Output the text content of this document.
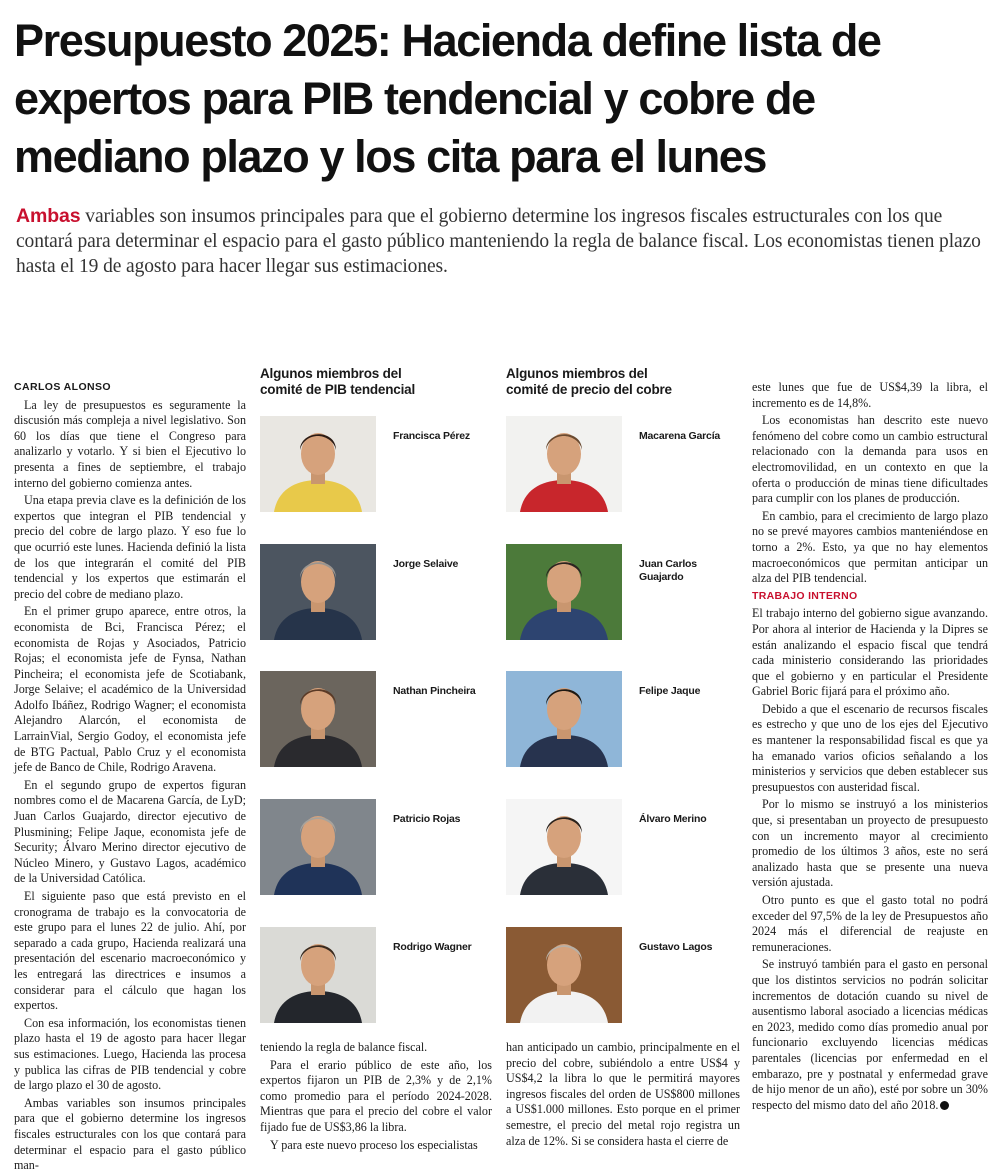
Presupuesto 2025: Hacienda define lista de expertos para PIB tendencial y cobre de mediano plazo y los cita para el lunes

Ambas variables son insumos principales para que el gobierno determine los ingresos fiscales estructurales con los que contará para determinar el espacio para el gasto público manteniendo la regla de balance fiscal. Los economistas tienen plazo hasta el 19 de agosto para hacer llegar sus estimaciones.

CARLOS ALONSO

La ley de presupuestos es seguramente la discusión más compleja a nivel legislativo. Son 60 los días que tiene el Congreso para analizarlo y votarlo. Y si bien el Ejecutivo lo presenta a fines de septiembre, el trabajo interno del gobierno comienza antes.

Una etapa previa clave es la definición de los expertos que integran el PIB tendencial y precio del cobre de largo plazo. Y eso fue lo que ocurrió este lunes. Hacienda definió la lista de los que integrarán el comité del PIB tendencial y los expertos que estimarán el precio del cobre de mediano plazo.

En el primer grupo aparece, entre otros, la economista de Bci, Francisca Pérez; el economista de Rojas y Asociados, Patricio Rojas; el economista jefe de Fynsa, Nathan Pincheira; el economista jefe de Scotiabank, Jorge Selaive; el académico de la Universidad Adolfo Ibáñez, Rodrigo Wagner; el economista Alejandro Alarcón, el economista de LarrainVial, Sergio Godoy, el economista jefe de BTG Pactual, Pablo Cruz y el economista jefe de Banco de Chile, Rodrigo Aravena.

En el segundo grupo de expertos figuran nombres como el de Macarena García, de LyD; Juan Carlos Guajardo, director ejecutivo de Plusmining; Felipe Jaque, economista jefe de Security; Álvaro Merino director ejecutivo de Núcleo Minero, y Gustavo Lagos, académico de la Universidad Católica.

El siguiente paso que está previsto en el cronograma de trabajo es la convocatoria de este grupo para el lunes 22 de julio. Ahí, por separado a cada grupo, Hacienda realizará una presentación del escenario macroeconómico y les entregará las directrices e insumos a considerar para el cálculo que hagan los expertos.

Con esa información, los economistas tienen plazo hasta el 19 de agosto para hacer llegar sus estimaciones. Luego, Hacienda las procesa y publica las cifras de PIB tendencial y cobre de largo plazo el 30 de agosto.

Ambas variables son insumos principales para que el gobierno determine los ingresos fiscales estructurales con los que contará para determinar el espacio para el gasto público man-

Algunos miembros del

comité de PIB tendencial

Francisca Pérez
Jorge Selaive
Nathan Pincheira
Patricio Rojas
Rodrigo Wagner

Algunos miembros del

comité de precio del cobre

Macarena García
Juan Carlos Guajardo
Felipe Jaque
Álvaro Merino
Gustavo Lagos

teniendo la regla de balance fiscal.

Para el erario público de este año, los expertos fijaron un PIB de 2,3% y de 2,1% como promedio para el período 2024-2028. Mientras que para el precio del cobre el valor fijado fue de US$3,86 la libra.

Y para este nuevo proceso los especialistas

han anticipado un cambio, principalmente en el precio del cobre, subiéndolo a entre US$4 y US$4,2 la libra lo que le permitirá mayores ingresos fiscales del orden de US$800 millones a US$1.000 millones. Esto porque en el primer semestre, el precio del metal rojo registra un alza de 12%. Si se considera hasta el cierre de

este lunes que fue de US$4,39 la libra, el incremento es de 14,8%.

Los economistas han descrito este nuevo fenómeno del cobre como un cambio estructural relacionado con la demanda para usos en electromovilidad, en un contexto en que la oferta o producción de minas tiene dificultades para cumplir con los planes de producción.

En cambio, para el crecimiento de largo plazo no se prevé mayores cambios manteniéndose en torno a 2%. Esto, ya que no hay elementos macroeconómicos que permitan anticipar un alza del PIB tendencial.

TRABAJO INTERNO

El trabajo interno del gobierno sigue avanzando. Por ahora al interior de Hacienda y la Dipres se están analizando el espacio fiscal que tendrá cada ministerio considerando las prioridades que el gobierno y en particular el Presidente Gabriel Boric fijará para el próximo año.

Debido a que el escenario de recursos fiscales es estrecho y que uno de los ejes del Ejecutivo es mantener la responsabilidad fiscal es que ya ha emanado varios oficios señalando a los ministerios y servicios que deben establecer sus presupuestos con austeridad fiscal.

Por lo mismo se instruyó a los ministerios que, si presentaban un proyecto de presupuesto con un incremento mayor al crecimiento promedio de los últimos 3 años, este no será analizado hasta que se presente una nueva versión ajustada.

Otro punto es que el gasto total no podrá exceder del 97,5% de la ley de Presupuestos año 2024 más el diferencial de reajuste en remuneraciones.

Se instruyó también para el gasto en personal que los distintos servicios no podrán solicitar incrementos de dotación cuando su nivel de ausentismo laboral asociado a licencias médicas en 2023, medido como días promedio anual por funcionario excluyendo licencias médicas parentales (licencias por enfermedad en el embarazo, pre y postnatal y enfermedad grave de hijo menor de un año), esté por sobre un 30% respecto del mismo dato del año 2018.
